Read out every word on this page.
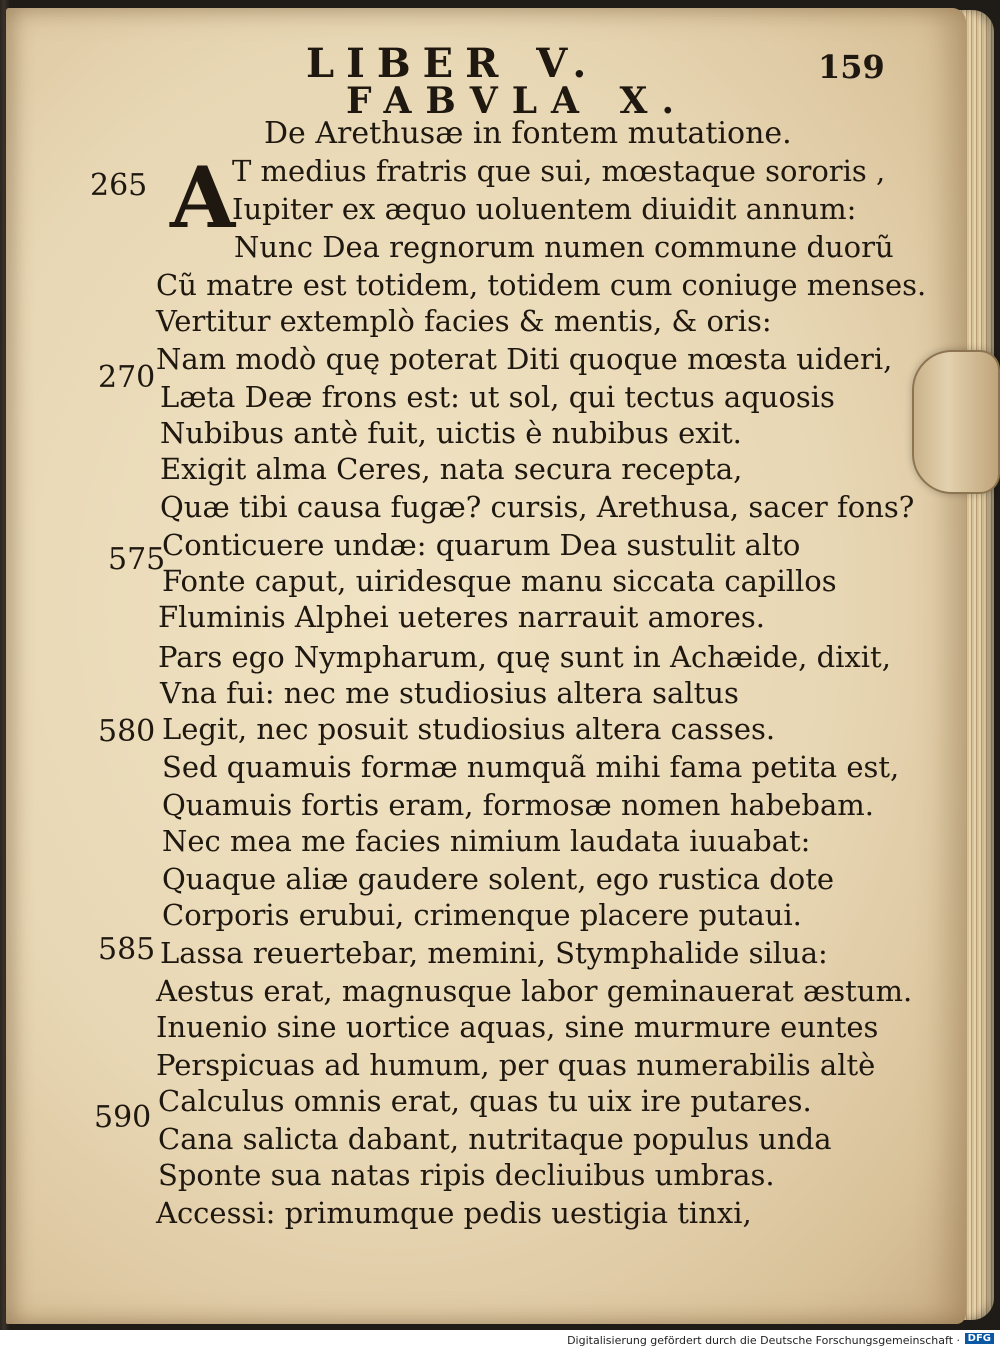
LIBER V.	159
FABVLA X.
De Arethusæ in fontem mutatione.
A
265
270
575
580
585
590
T medius fratris que sui, mœstaque sororis ,
Iupiter ex æquo uoluentem diuidit annum:
Nunc Dea regnorum numen commune duorũ
Cũ matre est totidem, totidem cum coniuge menses.
Vertitur extemplò facies & mentis, & oris:
Nam modò quę poterat Diti quoque mœsta uideri,
Læta Deæ frons est: ut sol, qui tectus aquosis
Nubibus antè fuit, uictis è nubibus exit.
Exigit alma Ceres, nata secura recepta,
Quæ tibi causa fugæ? cursis, Arethusa, sacer fons?
Conticuere undæ: quarum Dea sustulit alto
Fonte caput, uiridesque manu siccata capillos
Fluminis Alphei ueteres narrauit amores.
Pars ego Nympharum, quę sunt in Achæide, dixit,
Vna fui: nec me studiosius altera saltus
Legit, nec posuit studiosius altera casses.
Sed quamuis formæ numquã mihi fama petita est,
Quamuis fortis eram, formosæ nomen habebam.
Nec mea me facies nimium laudata iuuabat:
Quaque aliæ gaudere solent, ego rustica dote
Corporis erubui, crimenque placere putaui.
Lassa reuertebar, memini, Stymphalide silua:
Aestus erat, magnusque labor geminauerat æstum.
Inuenio sine uortice aquas, sine murmure euntes
Perspicuas ad humum, per quas numerabilis altè
Calculus omnis erat, quas tu uix ire putares.
Cana salicta dabant, nutritaque populus unda
Sponte sua natas ripis decliuibus umbras.
Accessi: primumque pedis uestigia tinxi,
Digitalisierung gefördert durch die Deutsche Forschungsgemeinschaft · DFG
